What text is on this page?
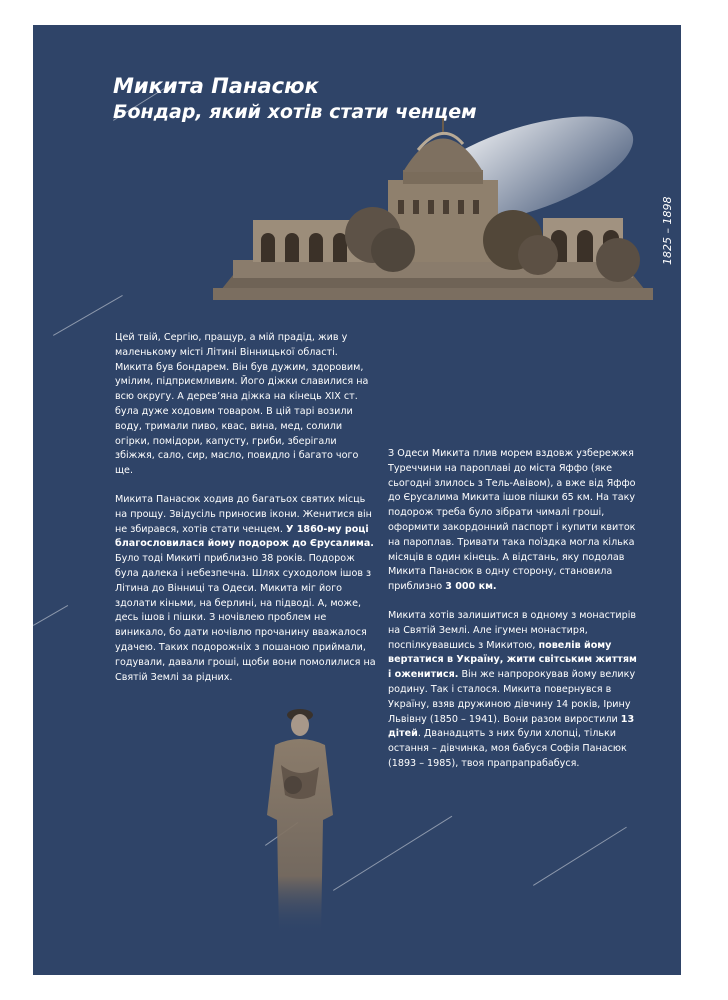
Микита Панасюк
Бондар, який хотів стати ченцем
1825 – 1898

Цей твій, Сергію, пращур, а мій прадід, жив у маленькому місті Літині Вінницької області. Микита був бондарем. Він був дужим, здоровим, умілим, підприємливим. Його діжки славилися на всю округу. А дерев’яна діжка на кінець ХІХ ст. була дуже ходовим товаром. В цій тарі возили воду, тримали пиво, квас, вина, мед, солили огірки, помідори, капусту, гриби, зберігали збіжжя, сало, сир, масло, повидло і багато чого ще.

Микита Панасюк ходив до багатьох святих місць на прощу. Звідусіль приносив ікони. Женитися він не збирався, хотів стати ченцем. У 1860-му році благословилася йому подорож до Єрусалима. Було тоді Микиті приблизно 38 років. Подорож була далека і небезпечна. Шлях суходолом ішов з Літина до Вінниці та Одеси. Микита міг його здолати кіньми, на берлині, на підводі. А, може, десь ішов і пішки. З ночівлею проблем не виникало, бо дати ночівлю прочанину вважалося удачею. Таких подорожніх з пошаною приймали, годували, давали гроші, щоби вони помолилися на Святій Землі за рідних.

З Одеси Микита плив морем вздовж узбережжя Туреччини на пароплаві до міста Яффо (яке сьогодні злилось з Тель-Авівом), а вже від Яффо до Єрусалима Микита ішов пішки 65 км. На таку подорож треба було зібрати чималі гроші, оформити закордонний паспорт і купити квиток на пароплав. Тривати така поїздка могла кілька місяців в один кінець. А відстань, яку подолав Микита Панасюк в одну сторону, становила приблизно 3 000 км.

Микита хотів залишитися в одному з монастирів на Святій Землі. Але ігумен монастиря, поспілкувавшись з Микитою, повелів йому вертатися в Україну, жити світським життям і оженитися. Він же напророкував йому велику родину. Так і сталося. Микита повернувся в Україну, взяв дружиною дівчину 14 років, Ірину Львівну (1850 – 1941). Вони разом виростили 13 дітей. Дванадцять з них були хлопці, тільки остання – дівчинка, моя бабуся Софія Панасюк (1893 – 1985), твоя прапрапрабабуся.
